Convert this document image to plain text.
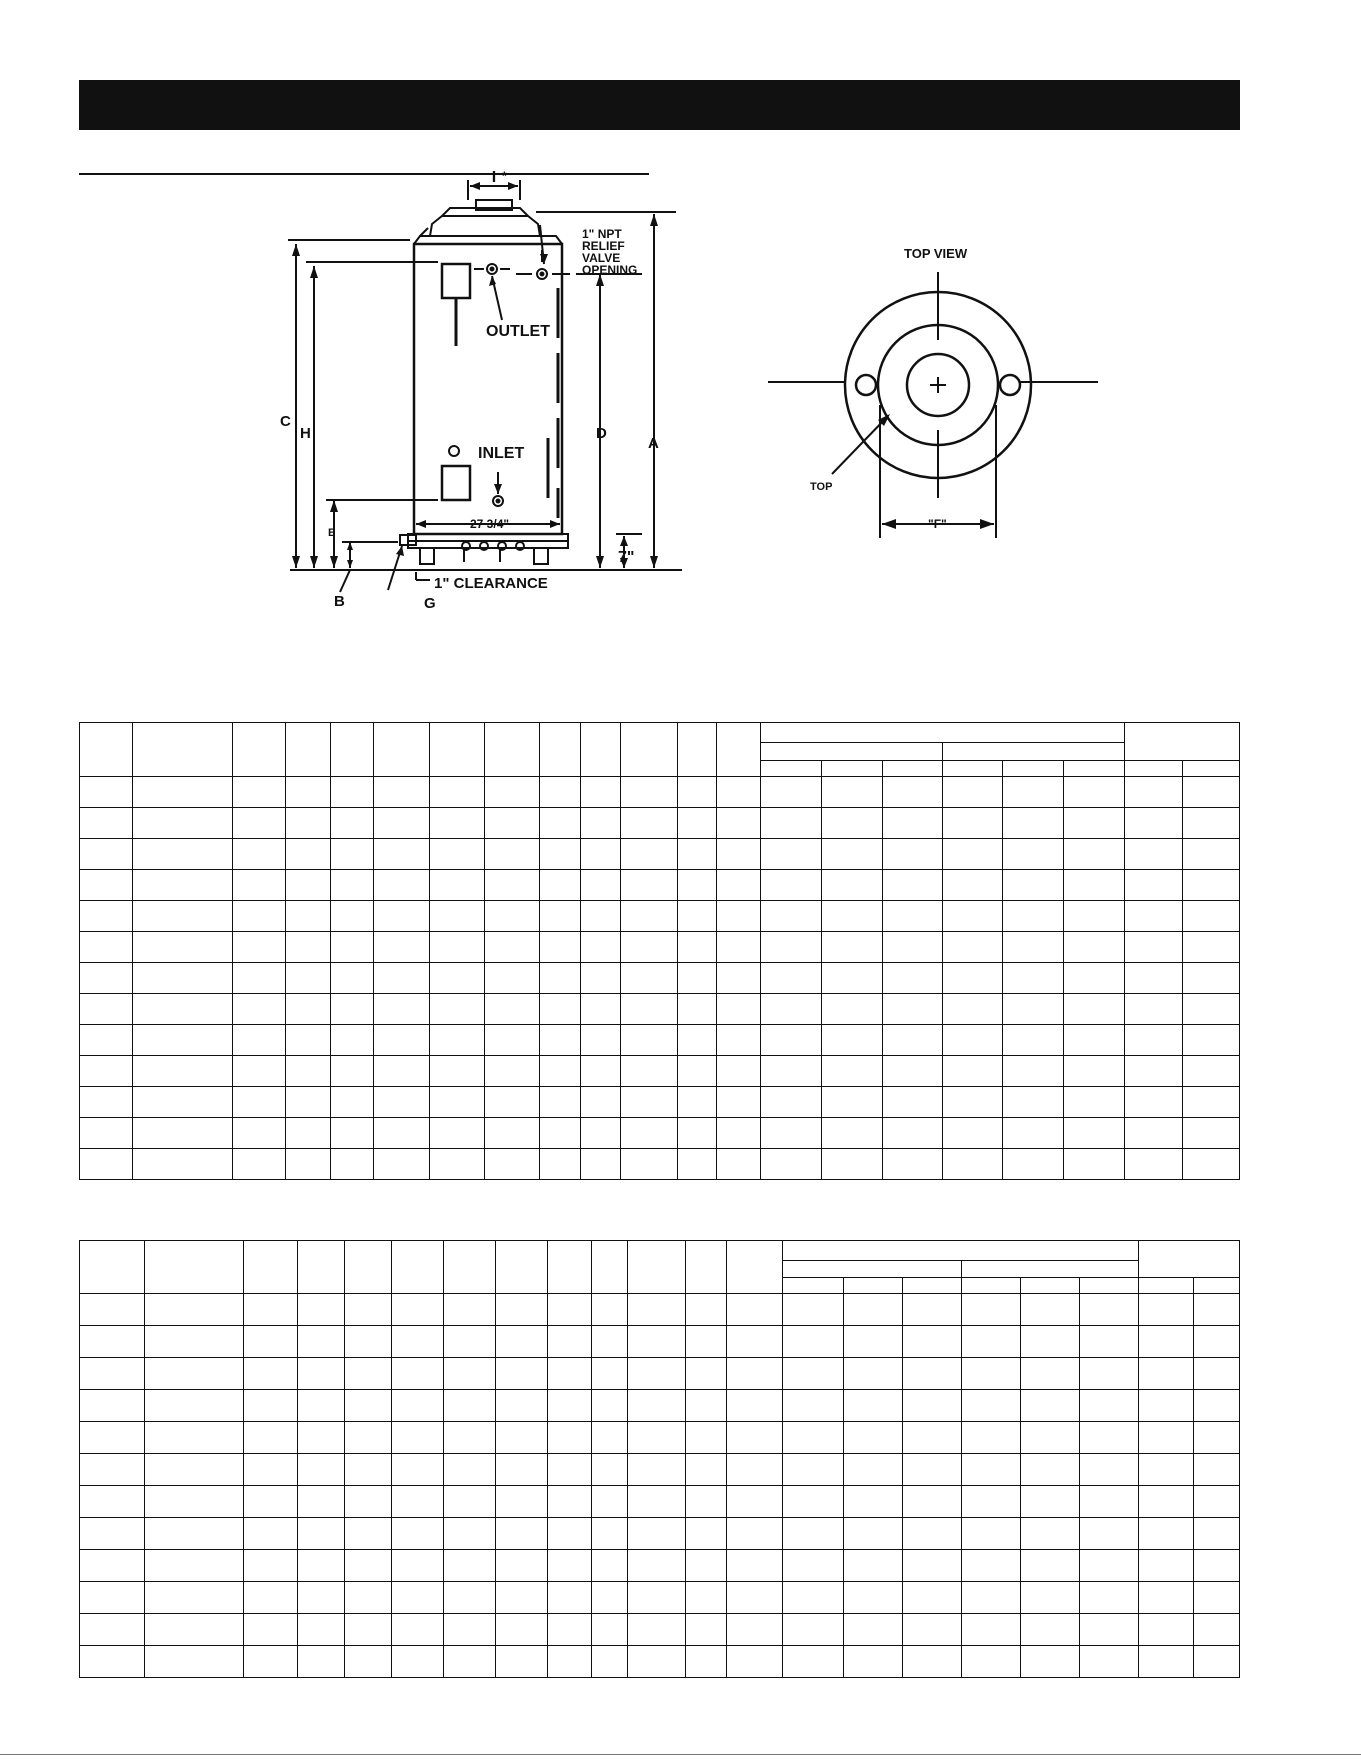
I *
1" NPT
RELIEF
VALVE
OPENING
OUTLET
INLET
C
H	D
A
E
B	G
27 3/4"
7"
1" CLEARANCE
TOP VIEW
TOP
"F"
